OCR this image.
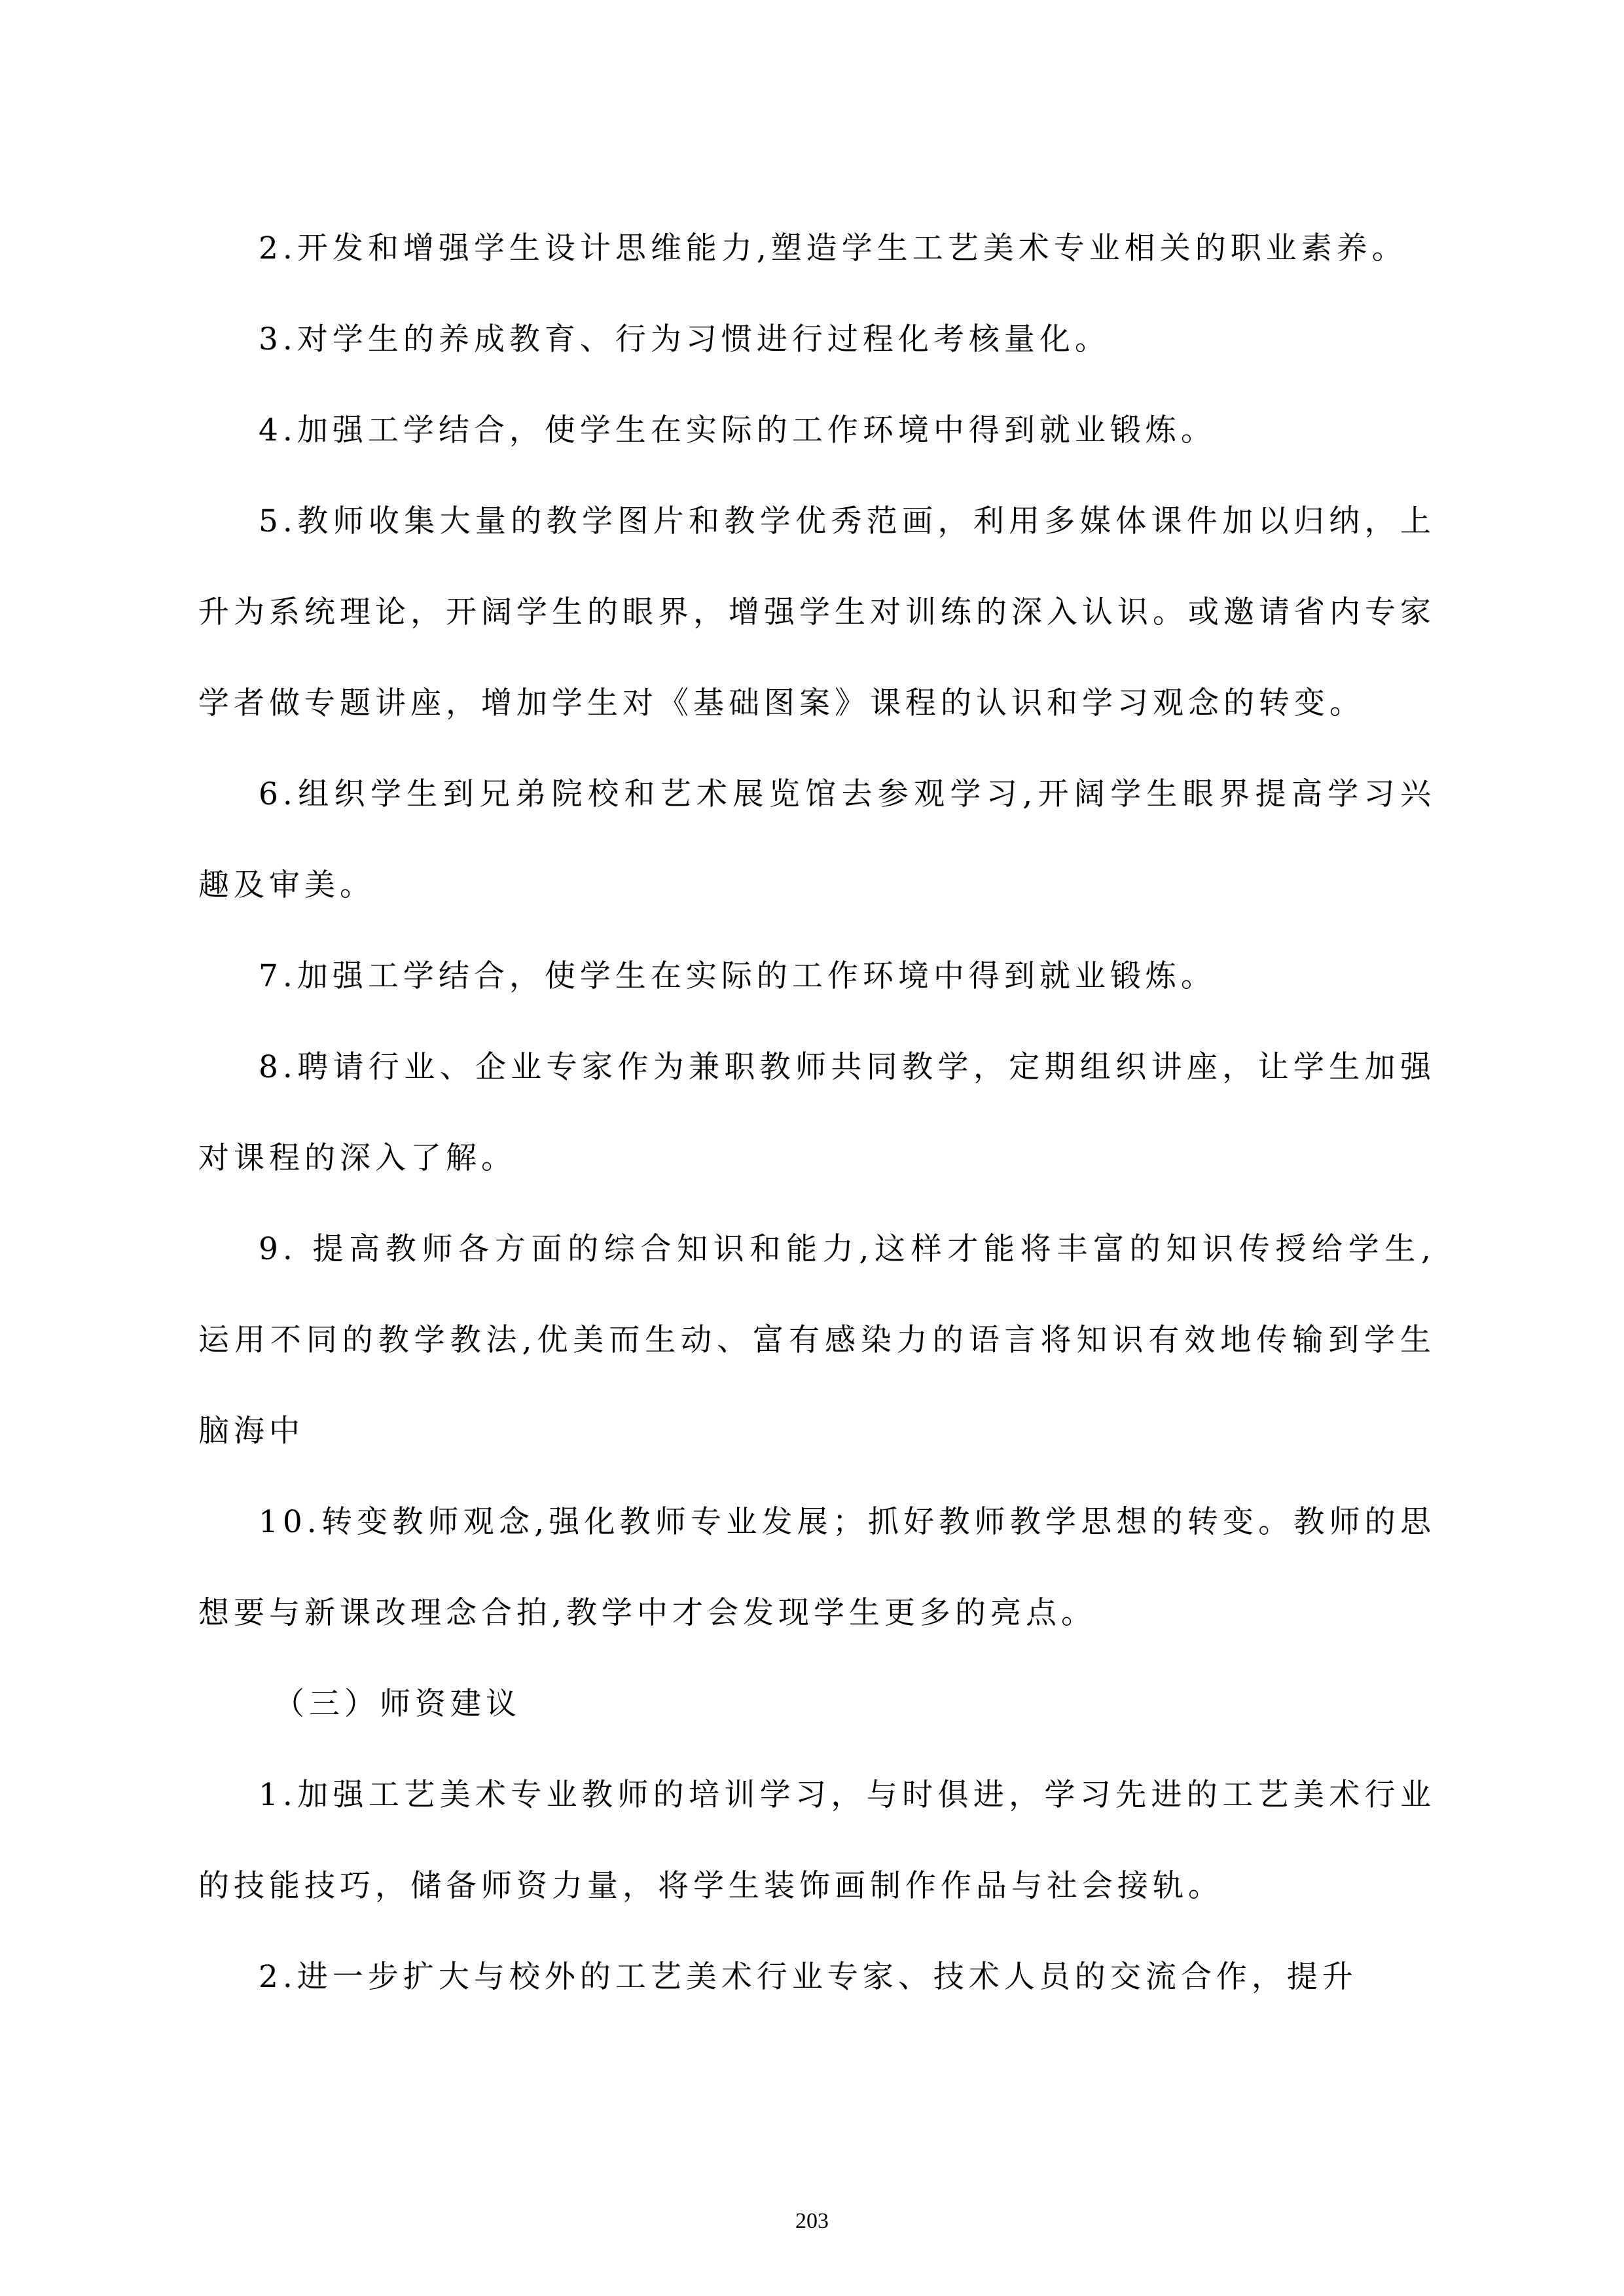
2.开发和增强学生设计思维能力,塑造学生工艺美术专业相关的职业素养。

3.对学生的养成教育、行为习惯进行过程化考核量化。

4.加强工学结合，使学生在实际的工作环境中得到就业锻炼。

5.教师收集大量的教学图片和教学优秀范画，利用多媒体课件加以归纳，上升为系统理论，开阔学生的眼界，增强学生对训练的深入认识。或邀请省内专家学者做专题讲座，增加学生对《基础图案》课程的认识和学习观念的转变。

6.组织学生到兄弟院校和艺术展览馆去参观学习,开阔学生眼界提高学习兴趣及审美。

7.加强工学结合，使学生在实际的工作环境中得到就业锻炼。

8.聘请行业、企业专家作为兼职教师共同教学，定期组织讲座，让学生加强对课程的深入了解。

9. 提高教师各方面的综合知识和能力,这样才能将丰富的知识传授给学生,运用不同的教学教法,优美而生动、富有感染力的语言将知识有效地传输到学生脑海中

10.转变教师观念,强化教师专业发展；抓好教师教学思想的转变。教师的思想要与新课改理念合拍,教学中才会发现学生更多的亮点。

（三）师资建议

1.加强工艺美术专业教师的培训学习，与时俱进，学习先进的工艺美术行业的技能技巧，储备师资力量，将学生装饰画制作作品与社会接轨。

2.进一步扩大与校外的工艺美术行业专家、技术人员的交流合作，提升

203
